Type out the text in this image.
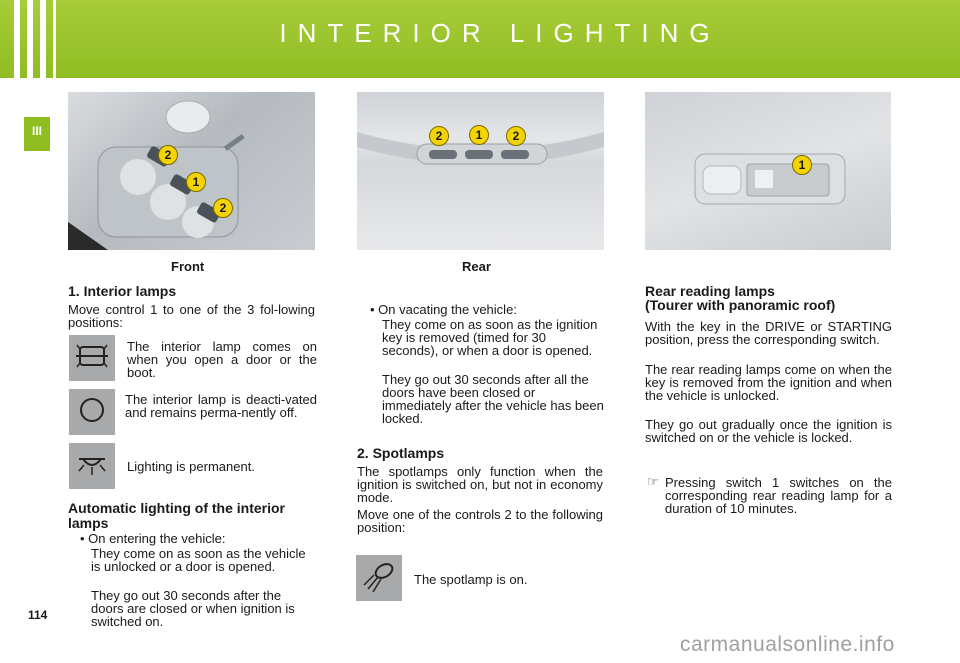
INTERIOR LIGHTING
III
2
1
2
Front
2	1	2
Rear
1
1. Interior lamps
Move control 1 to one of the 3 fol-lowing positions:
The interior lamp comes on when you open a door or the boot.
The interior lamp is deacti-vated and remains perma-nently off.
Lighting is permanent.
Automatic lighting of the interior lamps
• On entering the vehicle:
They come on as soon as the vehicle is unlocked or a door is opened.
They go out 30 seconds after the doors are closed or when ignition is switched on.
114
• On vacating the vehicle:
They come on as soon as the ignition key is removed (timed for 30 seconds), or when a door is opened.
They go out 30 seconds after all the doors have been closed or immediately after the vehicle has been locked.
2. Spotlamps
The spotlamps only function when the ignition is switched on, but not in economy mode.
Move one of the controls 2 to the following position:
The spotlamp is on.
Rear reading lamps
(Tourer with panoramic roof)
With the key in the DRIVE or STARTING position, press the corresponding switch.
The rear reading lamps come on when the key is removed from the ignition and when the vehicle is unlocked.
They go out gradually once the ignition is switched on or the vehicle is locked.
☞ Pressing switch 1 switches on the corresponding rear reading lamp for a duration of 10 minutes.
carmanualsonline.info
